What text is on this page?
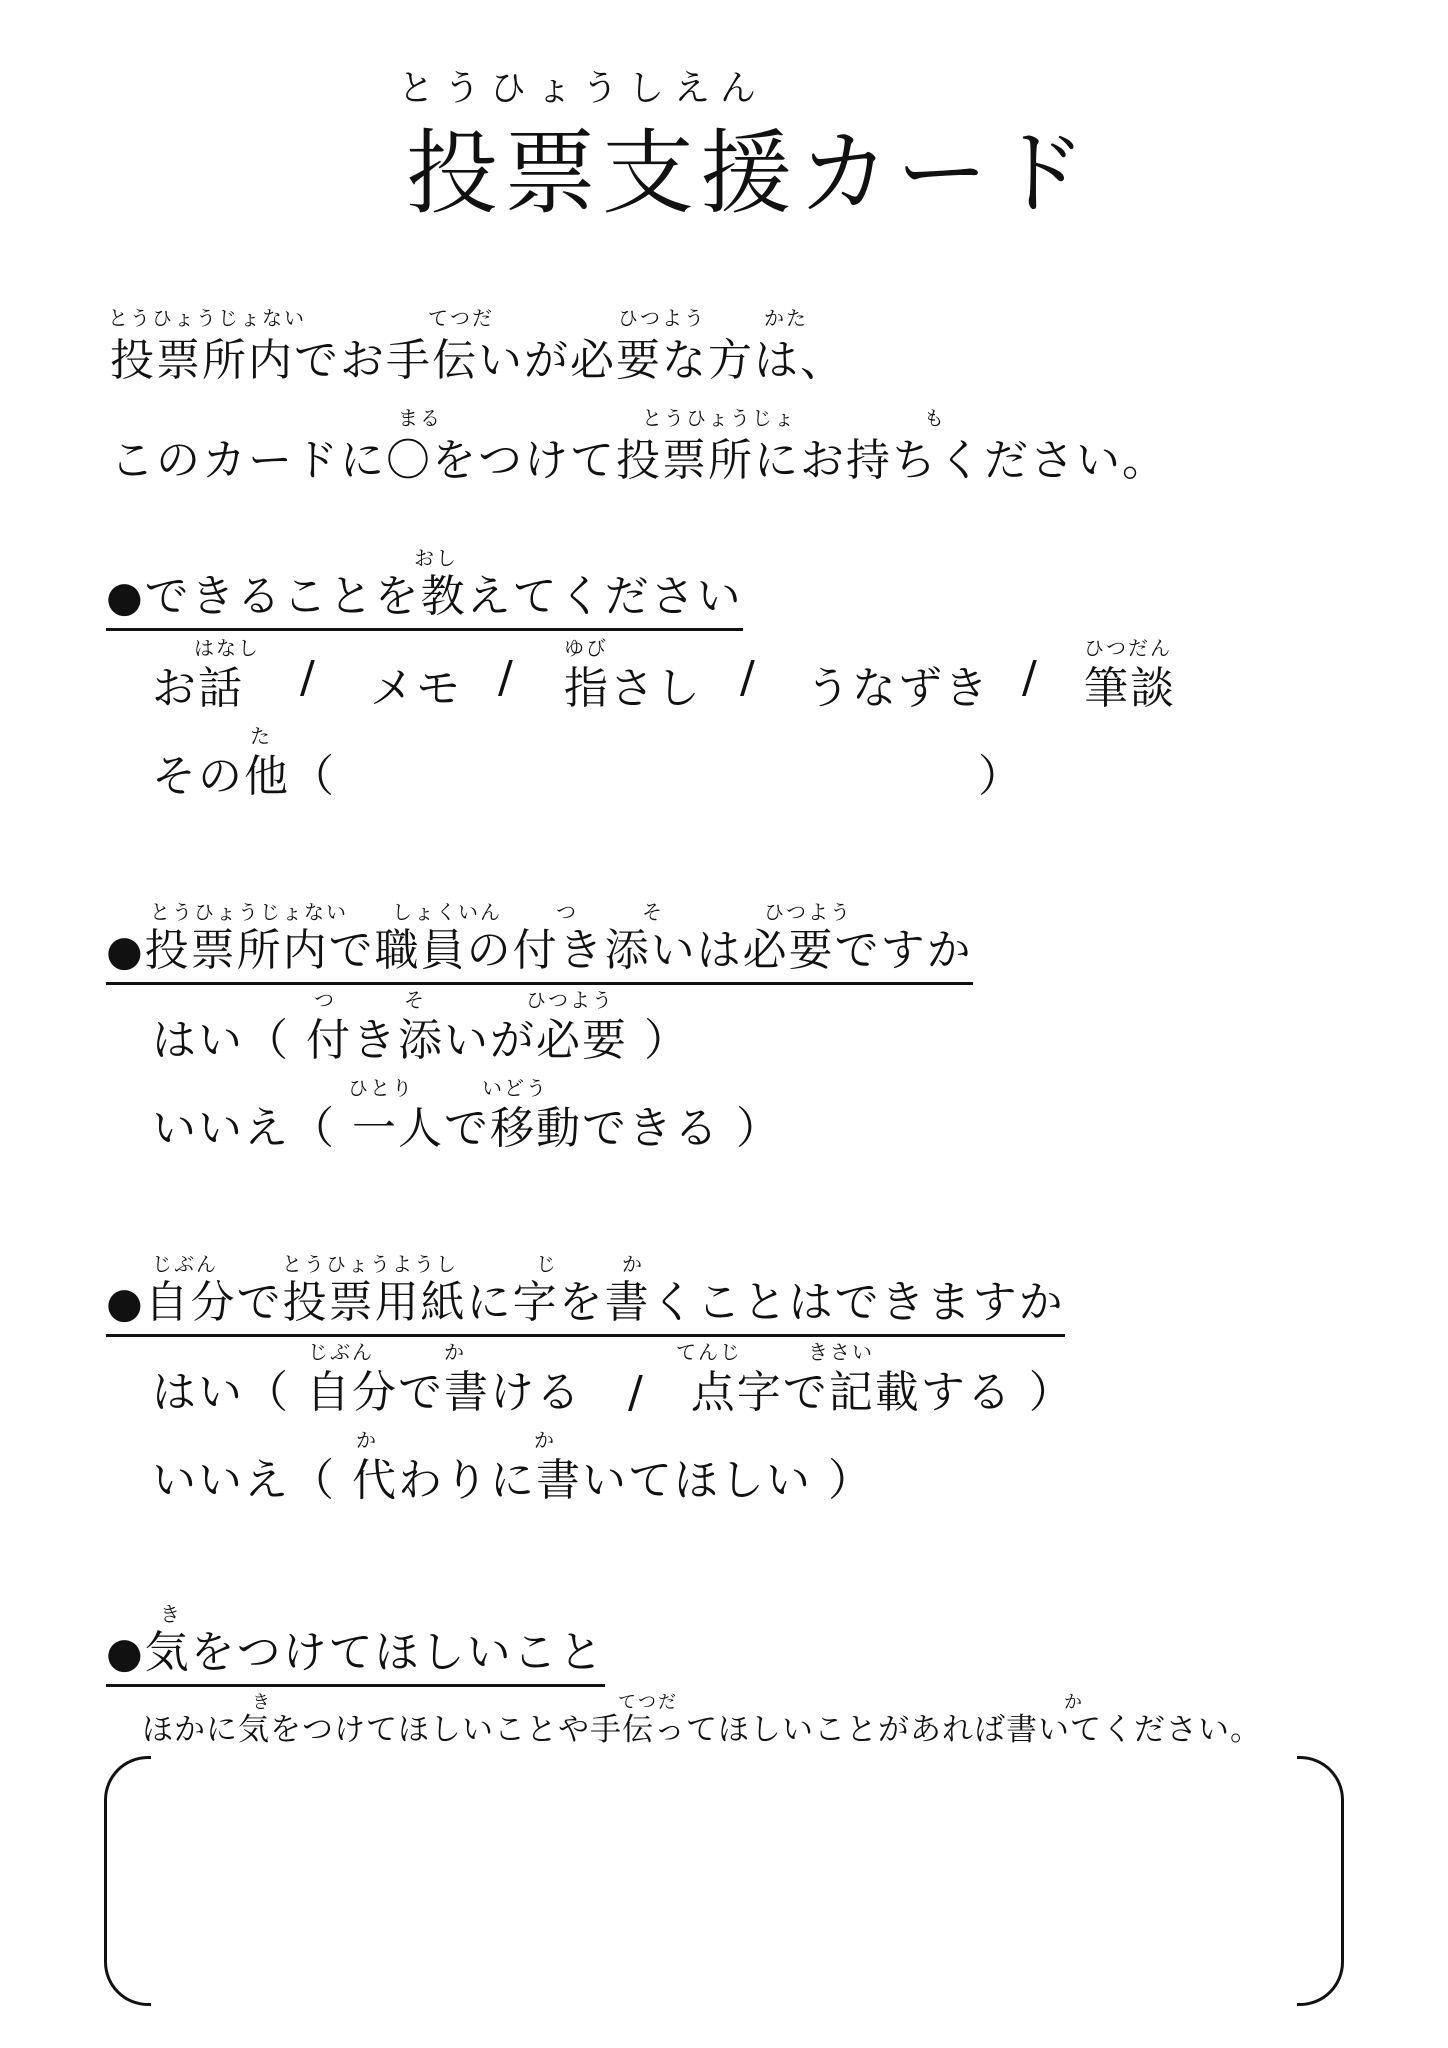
とうひょうしえん
投票支援カード
とうひょうじょない	てつだ	ひつよう	かた
投票所内でお手伝いが必要な方は、
まる	とうひょうじょ	も
このカードに〇をつけて投票所にお持ちください。
おし
●できることを教えてください
はなし
お話 / メモ /
ゆび
指さし / うなずき /
ひつだん
筆談
た
その他（	）
とうひょうじょない しょくいん	つ	そ	ひつよう
●投票所内で職員の付き添いは必要ですか
つ	そ	ひつよう
はい（ 付き添いが必要 ）
ひとり	いどう
いいえ（ 一人で移動できる ）
じぶん	とうひょうようし	じ	か
●自分で投票用紙に字を書くことはできますか
じぶん	か	てんじ	きさい
はい（ 自分で書ける　/　点字で記載する ）
か	か
いいえ（ 代わりに書いてほしい ）
き
●気をつけてほしいこと
き	てつだ	か
ほかに気をつけてほしいことや手伝ってほしいことがあれば書いてください。
